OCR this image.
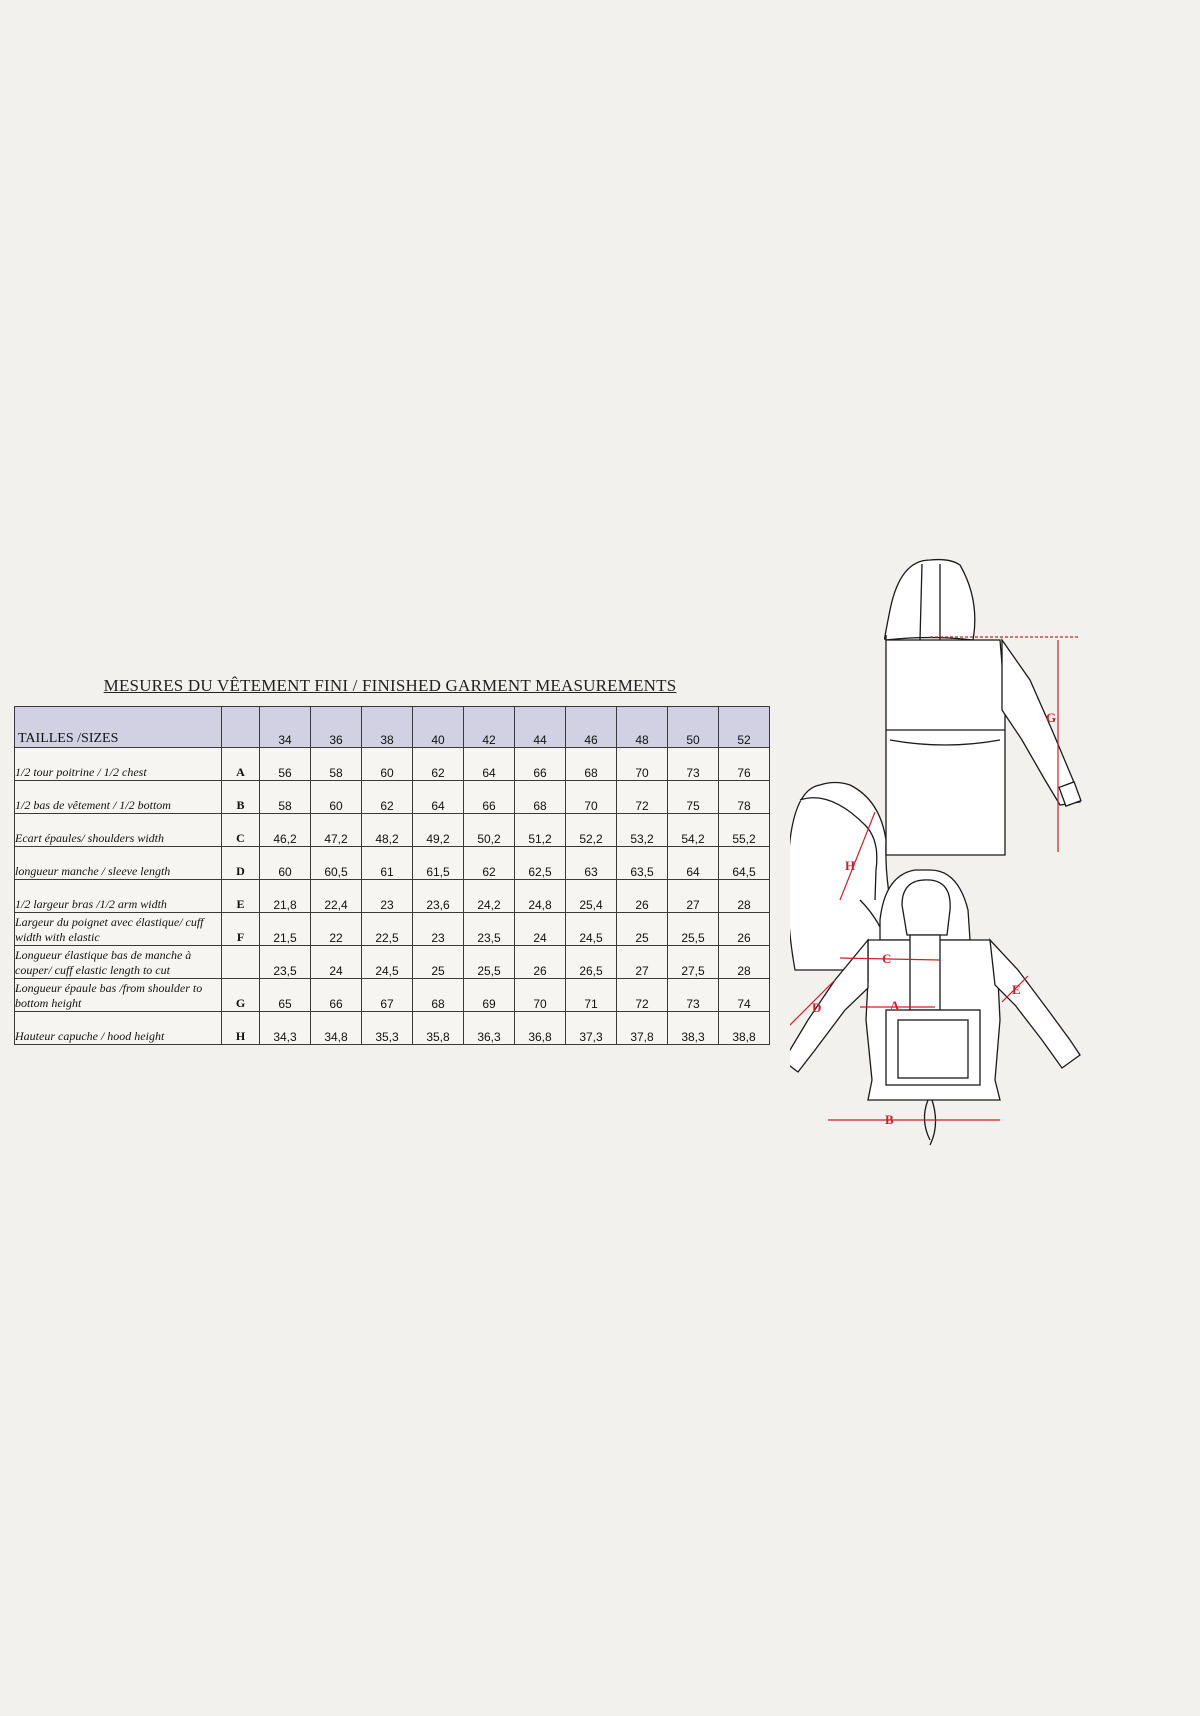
MESURES DU VÊTEMENT FINI / FINISHED GARMENT MEASUREMENTS
TAILLES /SIZES		34	36	38	40	42	44	46	48	50	52
1/2 tour poitrine / 1/2 chest	A	56	58	60	62	64	66	68	70	73	76
1/2 bas de vêtement / 1/2 bottom	B	58	60	62	64	66	68	70	72	75	78
Ecart épaules/ shoulders width	C	46,2	47,2	48,2	49,2	50,2	51,2	52,2	53,2	54,2	55,2
longueur manche / sleeve length	D	60	60,5	61	61,5	62	62,5	63	63,5	64	64,5
1/2 largeur bras /1/2 arm width	E	21,8	22,4	23	23,6	24,2	24,8	25,4	26	27	28
Largeur du poignet avec élastique/ cuff width with elastic	F	21,5	22	22,5	23	23,5	24	24,5	25	25,5	26
Longueur élastique bas de manche à couper/ cuff elastic length to cut		23,5	24	24,5	25	25,5	26	26,5	27	27,5	28
Longueur épaule bas /from shoulder to bottom height	G	65	66	67	68	69	70	71	72	73	74
Hauteur capuche / hood height	H	34,3	34,8	35,3	35,8	36,3	36,8	37,3	37,8	38,3	38,8
G
H
C
D	A
E
B
